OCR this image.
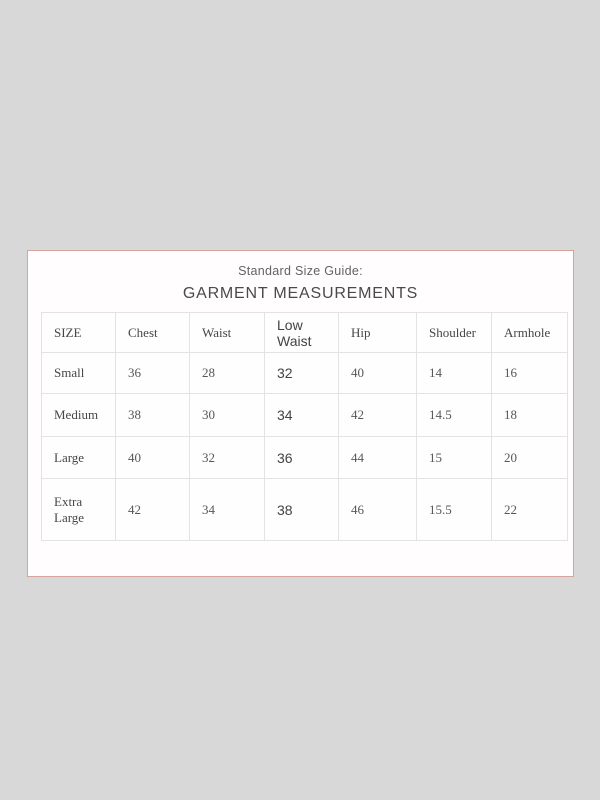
Standard Size Guide:
GARMENT MEASUREMENTS
SIZE	Chest	Waist	Low Waist	Hip	Shoulder	Armhole
Small	36	28	32	40	14	16
Medium	38	30	34	42	14.5	18
Large	40	32	36	44	15	20
Extra Large	42	34	38	46	15.5	22
